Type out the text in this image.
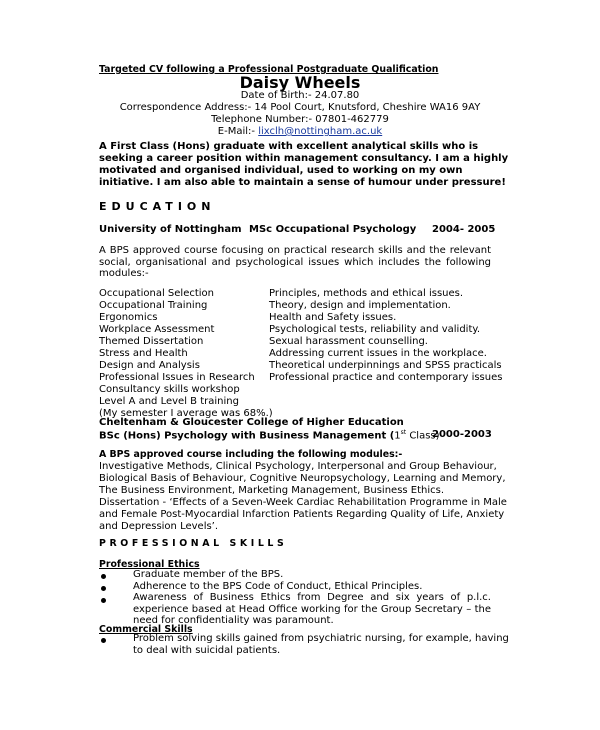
Targeted CV following a Professional Postgraduate Qualification
Daisy Wheels
Date of Birth:- 24.07.80
Correspondence Address:- 14 Pool Court, Knutsford, Cheshire WA16 9AY
Telephone Number:- 07801-462779
E-Mail:- lixclh@nottingham.ac.uk
A First Class (Hons) graduate with excellent analytical skills who is
seeking a career position within management consultancy. I am a highly
motivated and organised individual, used to working on my own
initiative. I am also able to maintain a sense of humour under pressure!
EDUCATION
University of Nottingham MSc Occupational Psychology 2004- 2005
A BPS approved course focusing on practical research skills and the relevant
social, organisational and psychological issues which includes the following
modules:-
Occupational Selection
Occupational Training
Ergonomics
Workplace Assessment
Themed Dissertation
Stress and Health
Design and Analysis
Professional Issues in Research
Consultancy skills workshop
Level A and Level B training
(My semester I average was 68%.)
Principles, methods and ethical issues.
Theory, design and implementation.
Health and Safety issues.
Psychological tests, reliability and validity.
Sexual harassment counselling.
Addressing current issues in the workplace.
Theoretical underpinnings and SPSS practicals
Professional practice and contemporary issues
Cheltenham & Gloucester College of Higher Education
BSc (Hons) Psychology with Business Management (1st Class)
2000-2003
A BPS approved course including the following modules:-
Investigative Methods, Clinical Psychology, Interpersonal and Group Behaviour,
Biological Basis of Behaviour, Cognitive Neuropsychology, Learning and Memory,
The Business Environment, Marketing Management, Business Ethics.
Dissertation - ‘Effects of a Seven-Week Cardiac Rehabilitation Programme in Male
and Female Post-Myocardial Infarction Patients Regarding Quality of Life, Anxiety
and Depression Levels’.
PROFESSIONAL SKILLS
Professional Ethics
Graduate member of the BPS.
Adherence to the BPS Code of Conduct, Ethical Principles.
Awareness of Business Ethics from Degree and six years of p.l.c.
experience based at Head Office working for the Group Secretary – the
need for confidentiality was paramount.
Commercial Skills
Problem solving skills gained from psychiatric nursing, for example, having
to deal with suicidal patients.
